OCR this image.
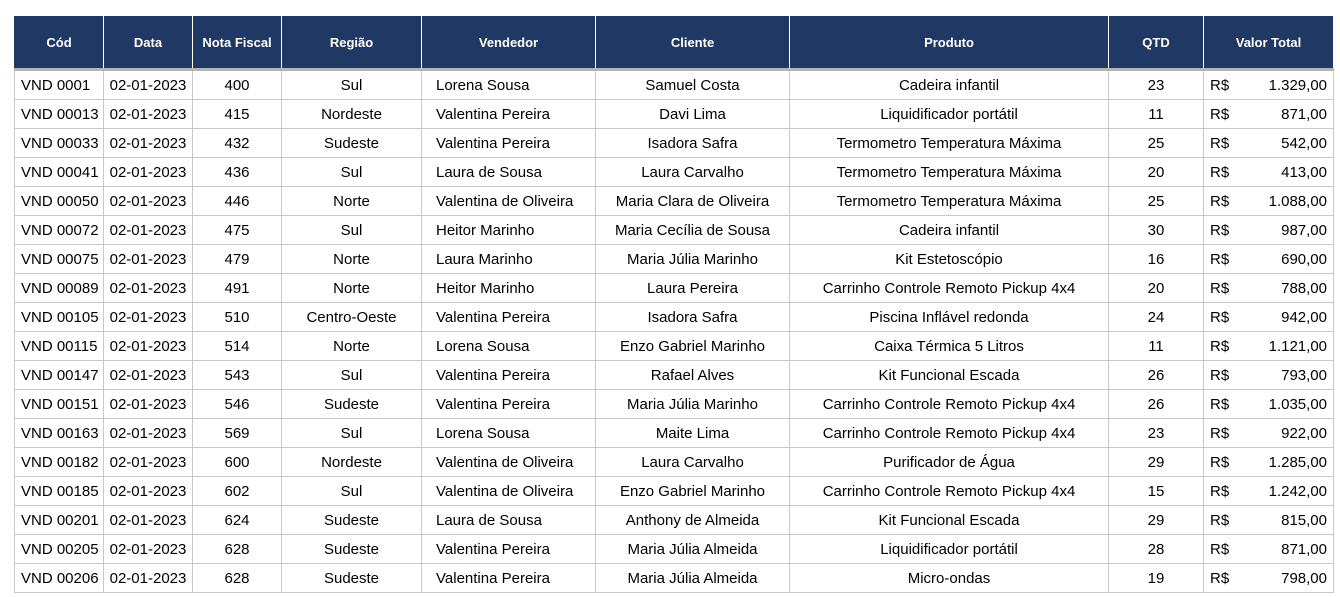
Cód	Data	Nota Fiscal	Região	Vendedor	Cliente	Produto	QTD	Valor Total
VND 0001	02-01-2023	400	Sul	Lorena Sousa	Samuel Costa	Cadeira infantil	23	R$ 1.329,00

VND 00013	02-01-2023	415	Nordeste	Valentina Pereira	Davi Lima	Liquidificador portátil	11	R$ 871,00

VND 00033	02-01-2023	432	Sudeste	Valentina Pereira	Isadora Safra	Termometro Temperatura Máxima	25	R$ 542,00

VND 00041	02-01-2023	436	Sul	Laura de Sousa	Laura Carvalho	Termometro Temperatura Máxima	20	R$ 413,00

VND 00050	02-01-2023	446	Norte	Valentina de Oliveira	Maria Clara de Oliveira	Termometro Temperatura Máxima	25	R$ 1.088,00

VND 00072	02-01-2023	475	Sul	Heitor Marinho	Maria Cecília de Sousa	Cadeira infantil	30	R$ 987,00

VND 00075	02-01-2023	479	Norte	Laura Marinho	Maria Júlia Marinho	Kit Estetoscópio	16	R$ 690,00

VND 00089	02-01-2023	491	Norte	Heitor Marinho	Laura Pereira	Carrinho Controle Remoto Pickup 4x4	20	R$ 788,00

VND 00105	02-01-2023	510	Centro-Oeste	Valentina Pereira	Isadora Safra	Piscina Inflável redonda	24	R$ 942,00

VND 00115	02-01-2023	514	Norte	Lorena Sousa	Enzo Gabriel Marinho	Caixa Térmica 5 Litros	11	R$ 1.121,00

VND 00147	02-01-2023	543	Sul	Valentina Pereira	Rafael Alves	Kit Funcional Escada	26	R$ 793,00

VND 00151	02-01-2023	546	Sudeste	Valentina Pereira	Maria Júlia Marinho	Carrinho Controle Remoto Pickup 4x4	26	R$ 1.035,00

VND 00163	02-01-2023	569	Sul	Lorena Sousa	Maite Lima	Carrinho Controle Remoto Pickup 4x4	23	R$ 922,00

VND 00182	02-01-2023	600	Nordeste	Valentina de Oliveira	Laura Carvalho	Purificador de Água	29	R$ 1.285,00

VND 00185	02-01-2023	602	Sul	Valentina de Oliveira	Enzo Gabriel Marinho	Carrinho Controle Remoto Pickup 4x4	15	R$ 1.242,00

VND 00201	02-01-2023	624	Sudeste	Laura de Sousa	Anthony de Almeida	Kit Funcional Escada	29	R$ 815,00

VND 00205	02-01-2023	628	Sudeste	Valentina Pereira	Maria Júlia Almeida	Liquidificador portátil	28	R$ 871,00

VND 00206	02-01-2023	628	Sudeste	Valentina Pereira	Maria Júlia Almeida	Micro-ondas	19	R$ 798,00
